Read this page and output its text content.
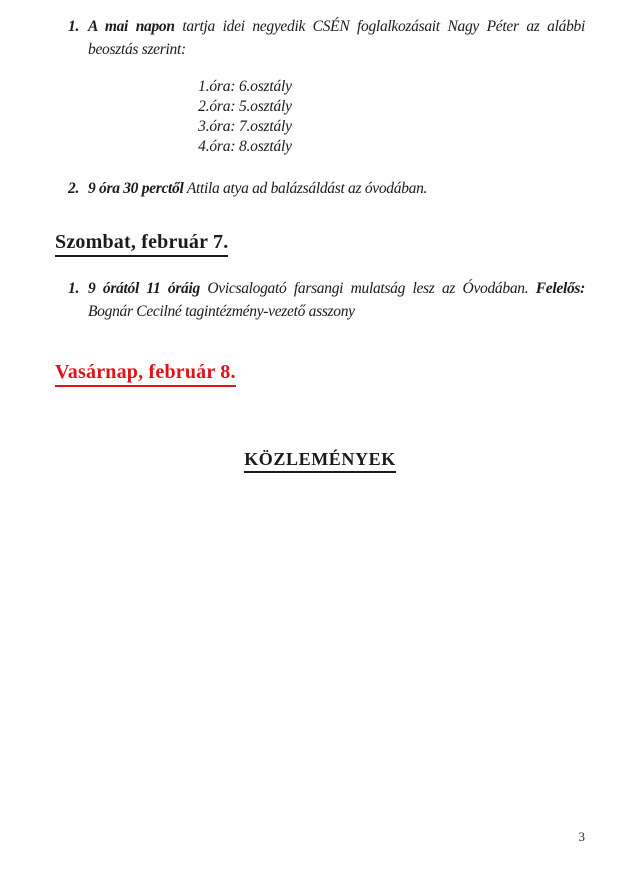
1. A mai napon tartja idei negyedik CSÉN foglalkozásait Nagy Péter az alábbi beosztás szerint:
1.óra: 6.osztály
2.óra: 5.osztály
3.óra: 7.osztály
4.óra: 8.osztály
2. 9 óra 30 perctől Attila atya ad balázsáldást az óvodában.
Szombat, február 7.
1. 9 órától 11 óráig Ovicsalogató farsangi mulatság lesz az Óvodában. Felelős: Bognár Cecilné tagintézmény-vezető asszony
Vasárnap, február 8.
KÖZLEMÉNYEK
3
